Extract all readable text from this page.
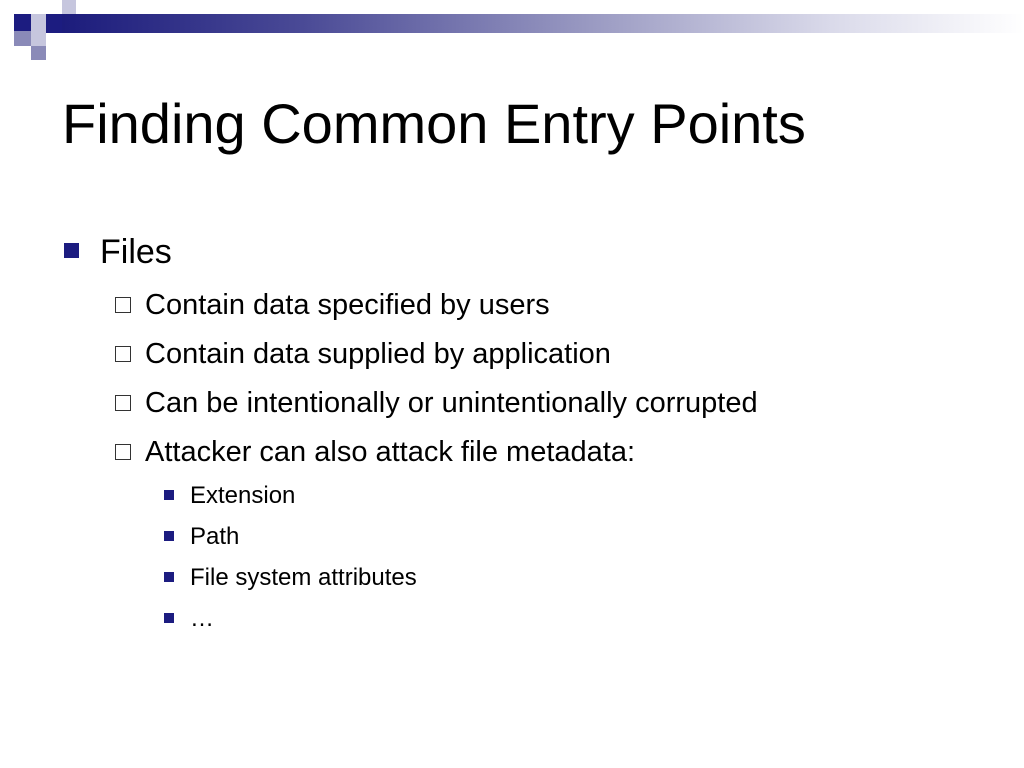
Finding Common Entry Points
Files
Contain data specified by users
Contain data supplied by application
Can be intentionally or unintentionally corrupted
Attacker can also attack file metadata:
Extension
Path
File system attributes
…
